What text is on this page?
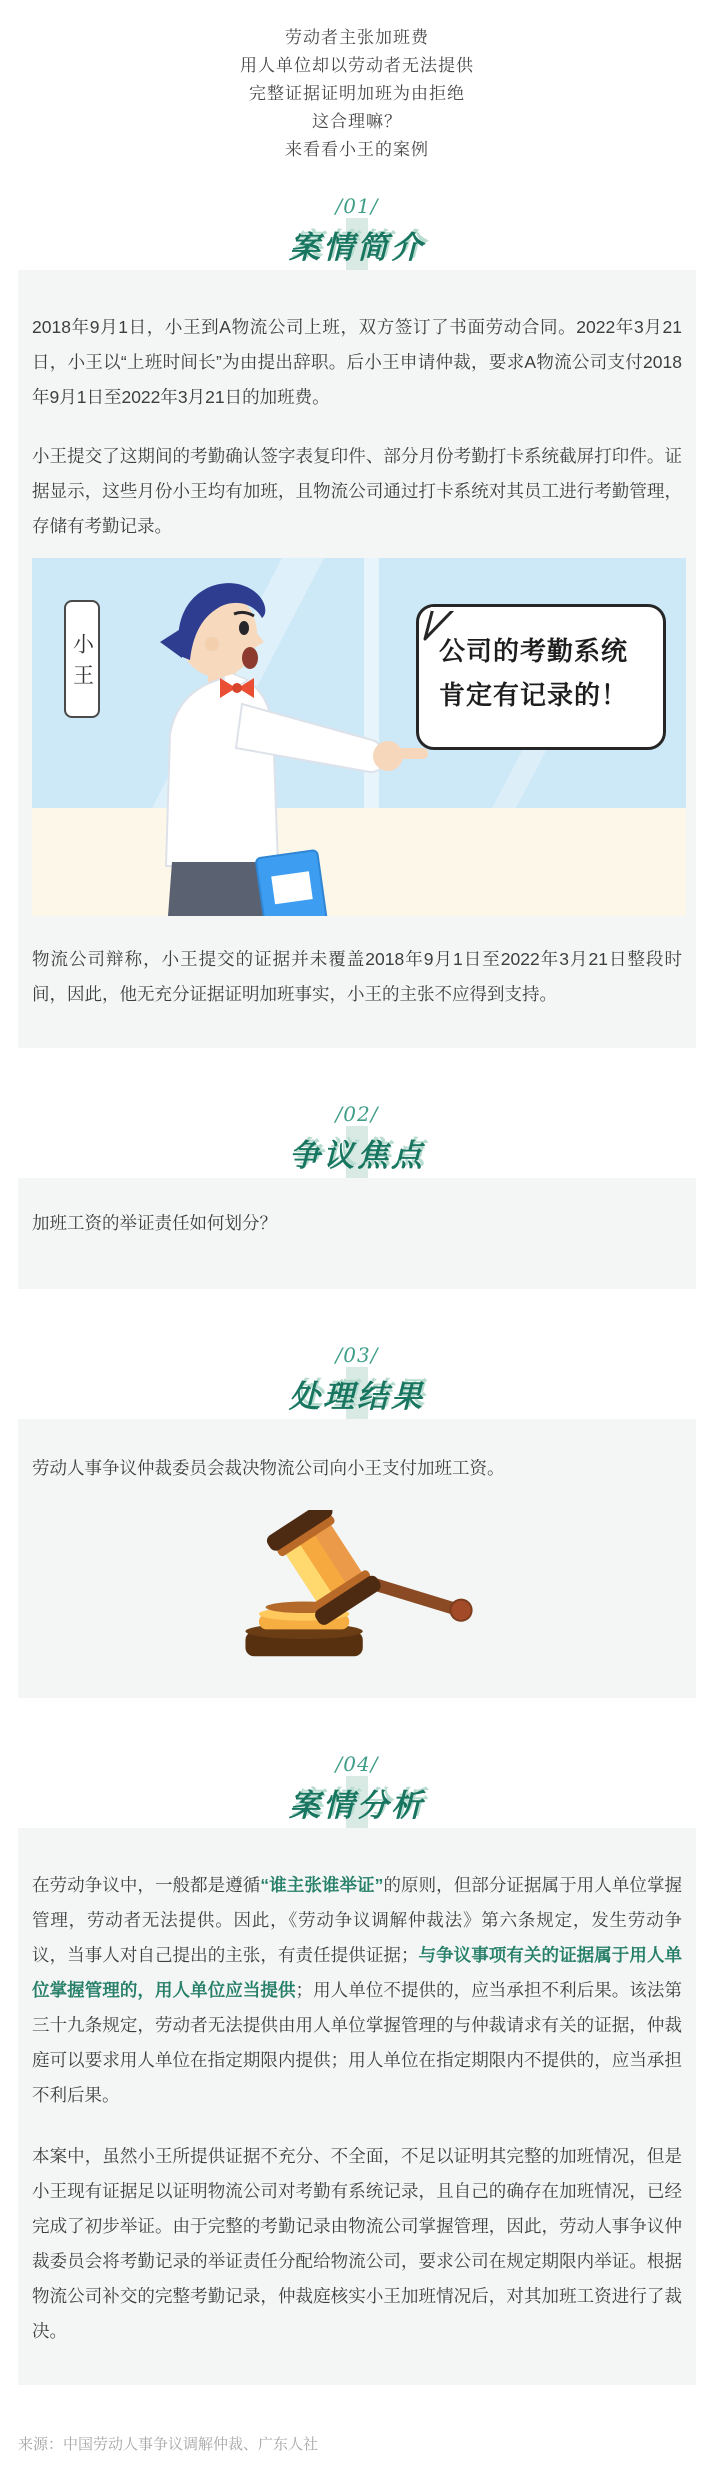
劳动者主张加班费
用人单位却以劳动者无法提供
完整证据证明加班为由拒绝
这合理嘛？
来看看小王的案例
/01/
案情简介

2018年9月1日，小王到A物流公司上班，双方签订了书面劳动合同。2022年3月21日，小王以“上班时间长”为由提出辞职。后小王申请仲裁，要求A物流公司支付2018年9月1日至2022年3月21日的加班费。

小王提交了这期间的考勤确认签字表复印件、部分月份考勤打卡系统截屏打印件。证据显示，这些月份小王均有加班，且物流公司通过打卡系统对其员工进行考勤管理，存储有考勤记录。

小王	公司的考勤系统
肯定有记录的！

物流公司辩称，小王提交的证据并未覆盖2018年9月1日至2022年3月21日整段时间，因此，他无充分证据证明加班事实，小王的主张不应得到支持。

/02/
争议焦点

加班工资的举证责任如何划分？

/03/
处理结果

劳动人事争议仲裁委员会裁决物流公司向小王支付加班工资。

/04/
案情分析

在劳动争议中，一般都是遵循“谁主张谁举证”的原则，但部分证据属于用人单位掌握管理，劳动者无法提供。因此，《劳动争议调解仲裁法》第六条规定，发生劳动争议，当事人对自己提出的主张，有责任提供证据；与争议事项有关的证据属于用人单位掌握管理的，用人单位应当提供；用人单位不提供的，应当承担不利后果。该法第三十九条规定，劳动者无法提供由用人单位掌握管理的与仲裁请求有关的证据，仲裁庭可以要求用人单位在指定期限内提供；用人单位在指定期限内不提供的，应当承担不利后果。

本案中，虽然小王所提供证据不充分、不全面，不足以证明其完整的加班情况，但是小王现有证据足以证明物流公司对考勤有系统记录，且自己的确存在加班情况，已经完成了初步举证。由于完整的考勤记录由物流公司掌握管理，因此，劳动人事争议仲裁委员会将考勤记录的举证责任分配给物流公司，要求公司在规定期限内举证。根据物流公司补交的完整考勤记录，仲裁庭核实小王加班情况后，对其加班工资进行了裁决。

来源：中国劳动人事争议调解仲裁、广东人社
